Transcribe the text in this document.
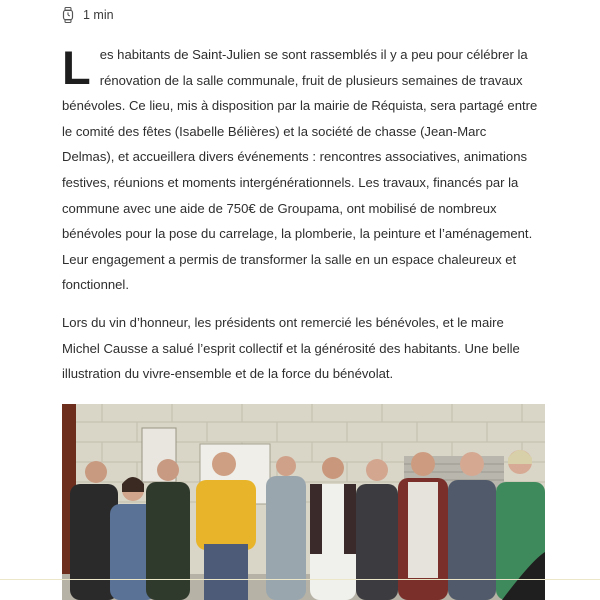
1 min

Les habitants de Saint-Julien se sont rassemblés il y a peu pour célébrer la rénovation de la salle communale, fruit de plusieurs semaines de travaux bénévoles. Ce lieu, mis à disposition par la mairie de Réquista, sera partagé entre le comité des fêtes (Isabelle Bélières) et la société de chasse (Jean-Marc Delmas), et accueillera divers événements : rencontres associatives, animations festives, réunions et moments intergénérationnels. Les travaux, financés par la commune avec une aide de 750€ de Groupama, ont mobilisé de nombreux bénévoles pour la pose du carrelage, la plomberie, la peinture et l’aménagement. Leur engagement a permis de transformer la salle en un espace chaleureux et fonctionnel.

Lors du vin d’honneur, les présidents ont remercié les bénévoles, et le maire Michel Causse a salué l’esprit collectif et la générosité des habitants. Une belle illustration du vivre-ensemble et de la force du bénévolat.
